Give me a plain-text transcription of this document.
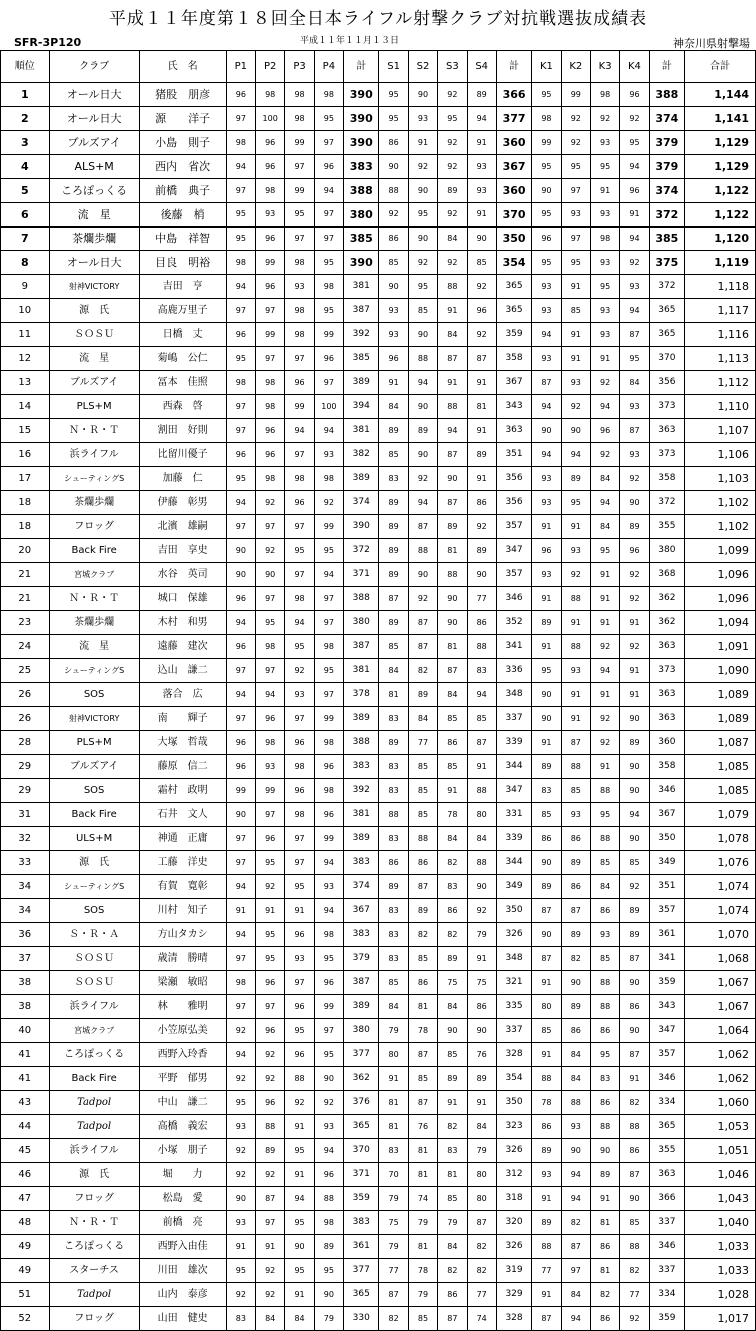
平成１１年度第１８回全日本ライフル射撃クラブ対抗戦選抜成績表
SFR-3P120	平成１１年１１月１３日	神奈川県射撃場
順位	クラブ	氏　名	P1	P2	P3	P4	計	S1	S2	S3	S4	計	K1	K2	K3	K4	計	合計
1	オール日大	猪股　朋彦	96	98	98	98	390	95	90	92	89	366	95	99	98	96	388	1,144
2	オール日大	源　　洋子	97	100	98	95	390	95	93	95	94	377	98	92	92	92	374	1,141
3	ブルズアイ	小島　則子	98	96	99	97	390	86	91	92	91	360	99	92	93	95	379	1,129
4	ALS+M	西内　省次	94	96	97	96	383	90	92	92	93	367	95	95	95	94	379	1,129
5	ころぽっくる	前橋　典子	97	98	99	94	388	88	90	89	93	360	90	97	91	96	374	1,122
6	流　星	後藤　梢	95	93	95	97	380	92	95	92	91	370	95	93	93	91	372	1,122
7	茶爛歩爛	中島　祥智	95	96	97	97	385	86	90	84	90	350	96	97	98	94	385	1,120
8	オール日大	目良　明裕	98	99	98	95	390	85	92	92	85	354	95	95	93	92	375	1,119
9	射神VICTORY	吉田　亨	94	96	93	98	381	90	95	88	92	365	93	91	95	93	372	1,118
10	源　氏	高鹿万里子	97	97	98	95	387	93	85	91	96	365	93	85	93	94	365	1,117
11	ＳＯＳＵ	日橋　丈	96	99	98	99	392	93	90	84	92	359	94	91	93	87	365	1,116
12	流　星	菊嶋　公仁	95	97	97	96	385	96	88	87	87	358	93	91	91	95	370	1,113
13	ブルズアイ	冨本　佳照	98	98	96	97	389	91	94	91	91	367	87	93	92	84	356	1,112
14	PLS+M	西森　啓	97	98	99	100	394	84	90	88	81	343	94	92	94	93	373	1,110
15	Ｎ・Ｒ・Ｔ	割田　好則	97	96	94	94	381	89	89	94	91	363	90	90	96	87	363	1,107
16	浜ライフル	比留川優子	96	96	97	93	382	85	90	87	89	351	94	94	92	93	373	1,106
17	シューティングS	加藤　仁	95	98	98	98	389	83	92	90	91	356	93	89	84	92	358	1,103
18	茶爛歩爛	伊藤　彰男	94	92	96	92	374	89	94	87	86	356	93	95	94	90	372	1,102
18	フロッグ	北濱　雄嗣	97	97	97	99	390	89	87	89	92	357	91	91	84	89	355	1,102
20	Back Fire	吉田　享史	90	92	95	95	372	89	88	81	89	347	96	93	95	96	380	1,099
21	宮城クラブ	水谷　英司	90	90	97	94	371	89	90	88	90	357	93	92	91	92	368	1,096
21	Ｎ・Ｒ・Ｔ	城口　保雄	96	97	98	97	388	87	92	90	77	346	91	88	91	92	362	1,096
23	茶爛歩爛	木村　和男	94	95	94	97	380	89	87	90	86	352	89	91	91	91	362	1,094
24	流　星	遠藤　建次	96	98	95	98	387	85	87	81	88	341	91	88	92	92	363	1,091
25	シューティングS	込山　謙二	97	97	92	95	381	84	82	87	83	336	95	93	94	91	373	1,090
26	SOS	落合　広	94	94	93	97	378	81	89	84	94	348	90	91	91	91	363	1,089
26	射神VICTORY	南　　輝子	97	96	97	99	389	83	84	85	85	337	90	91	92	90	363	1,089
28	PLS+M	大塚　哲哉	96	98	96	98	388	89	77	86	87	339	91	87	92	89	360	1,087
29	ブルズアイ	藤原　信二	96	93	98	96	383	83	85	85	91	344	89	88	91	90	358	1,085
29	SOS	霜村　政明	99	99	96	98	392	83	85	91	88	347	83	85	88	90	346	1,085
31	Back Fire	石井　文人	90	97	98	96	381	88	85	78	80	331	85	93	95	94	367	1,079
32	ULS+M	神通　正庸	97	96	97	99	389	83	88	84	84	339	86	86	88	90	350	1,078
33	源　氏	工藤　洋史	97	95	97	94	383	86	86	82	88	344	90	89	85	85	349	1,076
34	シューティングS	有賀　寛彰	94	92	95	93	374	89	87	83	90	349	89	86	84	92	351	1,074
34	SOS	川村　知子	91	91	91	94	367	83	89	86	92	350	87	87	86	89	357	1,074
36	Ｓ・Ｒ・Ａ	方山タカシ	94	95	96	98	383	83	82	82	79	326	90	89	93	89	361	1,070
37	ＳＯＳＵ	歳清　勝晴	97	95	93	95	379	83	85	89	91	348	87	82	85	87	341	1,068
38	ＳＯＳＵ	梁瀬　敏昭	98	96	97	96	387	85	86	75	75	321	91	90	88	90	359	1,067
38	浜ライフル	林　　雅明	97	97	96	99	389	84	81	84	86	335	80	89	88	86	343	1,067
40	宮城クラブ	小笠原弘美	92	96	95	97	380	79	78	90	90	337	85	86	86	90	347	1,064
41	ころぽっくる	西野入玲香	94	92	96	95	377	80	87	85	76	328	91	84	95	87	357	1,062
41	Back Fire	平野　郁男	92	92	88	90	362	91	85	89	89	354	88	84	83	91	346	1,062
43	Tadpol	中山　謙二	95	96	92	92	376	81	87	91	91	350	78	88	86	82	334	1,060
44	Tadpol	高橋　義宏	93	88	91	93	365	81	76	82	84	323	86	93	88	88	365	1,053
45	浜ライフル	小塚　朋子	92	89	95	94	370	83	81	83	79	326	89	90	90	86	355	1,051
46	源　氏	堀　　力	92	92	91	96	371	70	81	81	80	312	93	94	89	87	363	1,046
47	フロッグ	松島　愛	90	87	94	88	359	79	74	85	80	318	91	94	91	90	366	1,043
48	Ｎ・Ｒ・Ｔ	前橋　亮	93	97	95	98	383	75	79	79	87	320	89	82	81	85	337	1,040
49	ころぽっくる	西野入由佳	91	91	90	89	361	79	81	84	82	326	88	87	86	88	346	1,033
49	スターチス	川田　雄次	95	92	95	95	377	77	78	82	82	319	77	97	81	82	337	1,033
51	Tadpol	山内　泰彦	92	92	91	90	365	87	79	86	77	329	91	84	82	77	334	1,028
52	フロッグ	山田　健史	83	84	84	79	330	82	85	87	74	328	87	94	86	92	359	1,017
